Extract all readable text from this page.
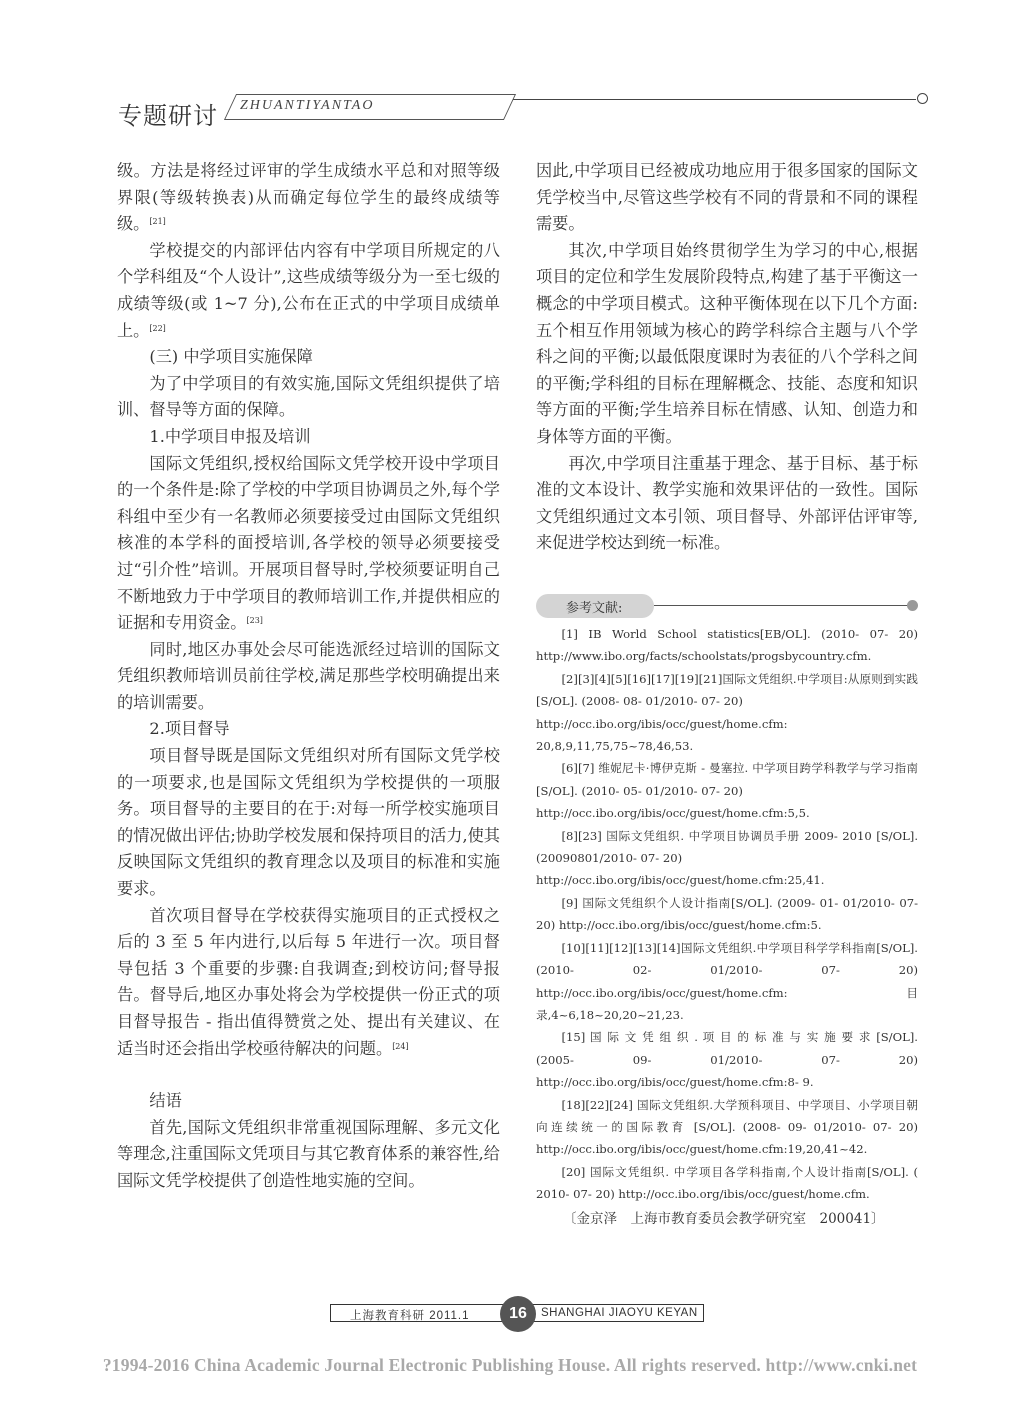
专题研讨 ZHUANTIYANTAO

级。方法是将经过评审的学生成绩水平总和对照等级界限(等级转换表)从而确定每位学生的最终成绩等级。[21]

学校提交的内部评估内容有中学项目所规定的八个学科组及“个人设计”,这些成绩等级分为一至七级的成绩等级(或 1~7 分),公布在正式的中学项目成绩单上。[22]

(三) 中学项目实施保障

为了中学项目的有效实施,国际文凭组织提供了培训、督导等方面的保障。

1.中学项目申报及培训

国际文凭组织,授权给国际文凭学校开设中学项目的一个条件是:除了学校的中学项目协调员之外,每个学科组中至少有一名教师必须要接受过由国际文凭组织核准的本学科的面授培训,各学校的领导必须要接受过“引介性”培训。开展项目督导时,学校须要证明自己不断地致力于中学项目的教师培训工作,并提供相应的证据和专用资金。[23]

同时,地区办事处会尽可能选派经过培训的国际文凭组织教师培训员前往学校,满足那些学校明确提出来的培训需要。

2.项目督导

项目督导既是国际文凭组织对所有国际文凭学校的一项要求,也是国际文凭组织为学校提供的一项服务。项目督导的主要目的在于:对每一所学校实施项目的情况做出评估;协助学校发展和保持项目的活力,使其反映国际文凭组织的教育理念以及项目的标准和实施要求。

首次项目督导在学校获得实施项目的正式授权之后的 3 至 5 年内进行,以后每 5 年进行一次。项目督导包括 3 个重要的步骤:自我调查;到校访问;督导报告。督导后,地区办事处将会为学校提供一份正式的项目督导报告 - 指出值得赞赏之处、提出有关建议、在适当时还会指出学校亟待解决的问题。[24]

结语

首先,国际文凭组织非常重视国际理解、多元文化等理念,注重国际文凭项目与其它教育体系的兼容性,给国际文凭学校提供了创造性地实施的空间。

因此,中学项目已经被成功地应用于很多国家的国际文凭学校当中,尽管这些学校有不同的背景和不同的课程需要。

其次,中学项目始终贯彻学生为学习的中心,根据项目的定位和学生发展阶段特点,构建了基于平衡这一概念的中学项目模式。这种平衡体现在以下几个方面:五个相互作用领域为核心的跨学科综合主题与八个学科之间的平衡;以最低限度课时为表征的八个学科之间的平衡;学科组的目标在理解概念、技能、态度和知识等方面的平衡;学生培养目标在情感、认知、创造力和身体等方面的平衡。

再次,中学项目注重基于理念、基于目标、基于标准的文本设计、教学实施和效果评估的一致性。国际文凭组织通过文本引领、项目督导、外部评估评审等,来促进学校达到统一标准。

参考文献:

[1] IB World School statistics[EB/OL]. (2010- 07- 20) http://www.ibo.org/facts/schoolstats/progsbycountry.cfm.

[2][3][4][5][16][17][19][21]国际文凭组织.中学项目:从原则到实践[S/OL]. (2008- 08- 01/2010- 07- 20)

http://occ.ibo.org/ibis/occ/guest/home.cfm:

20,8,9,11,75,75~78,46,53.

[6][7] 维妮尼卡·博伊克斯 - 曼塞拉. 中学项目跨学科教学与学习指南[S/OL]. (2010- 05- 01/2010- 07- 20)

http://occ.ibo.org/ibis/occ/guest/home.cfm:5,5.

[8][23] 国际文凭组织. 中学项目协调员手册 2009- 2010 [S/OL]. (20090801/2010- 07- 20)

http://occ.ibo.org/ibis/occ/guest/home.cfm:25,41.

[9] 国际文凭组织个人设计指南[S/OL]. (2009- 01- 01/2010- 07- 20) http://occ.ibo.org/ibis/occ/guest/home.cfm:5.

[10][11][12][13][14]国际文凭组织.中学项目科学学科指南[S/OL]. (2010- 02- 01/2010- 07- 20) http://occ.ibo.org/ibis/occ/guest/home.cfm:目录,4~6,18~20,20~21,23.

[15] 国 际 文 凭 组 织 . 项 目 的 标 准 与 实 施 要 求 [S/OL]. (2005- 09- 01/2010- 07- 20) http://occ.ibo.org/ibis/occ/guest/home.cfm:8- 9.

[18][22][24] 国际文凭组织.大学预科项目、中学项目、小学项目朝向连续统一的国际教育 [S/OL]. (2008- 09- 01/2010- 07- 20) http://occ.ibo.org/ibis/occ/guest/home.cfm:19,20,41~42.

[20] 国际文凭组织. 中学项目各学科指南,个人设计指南[S/OL]. ( 2010- 07- 20) http://occ.ibo.org/ibis/occ/guest/home.cfm.

〔金京泽　上海市教育委员会教学研究室　200041〕

上海教育科研 2011.1	16	SHANGHAI JIAOYU KEYAN
?1994-2016 China Academic Journal Electronic Publishing House. All rights reserved. http://www.cnki.net
